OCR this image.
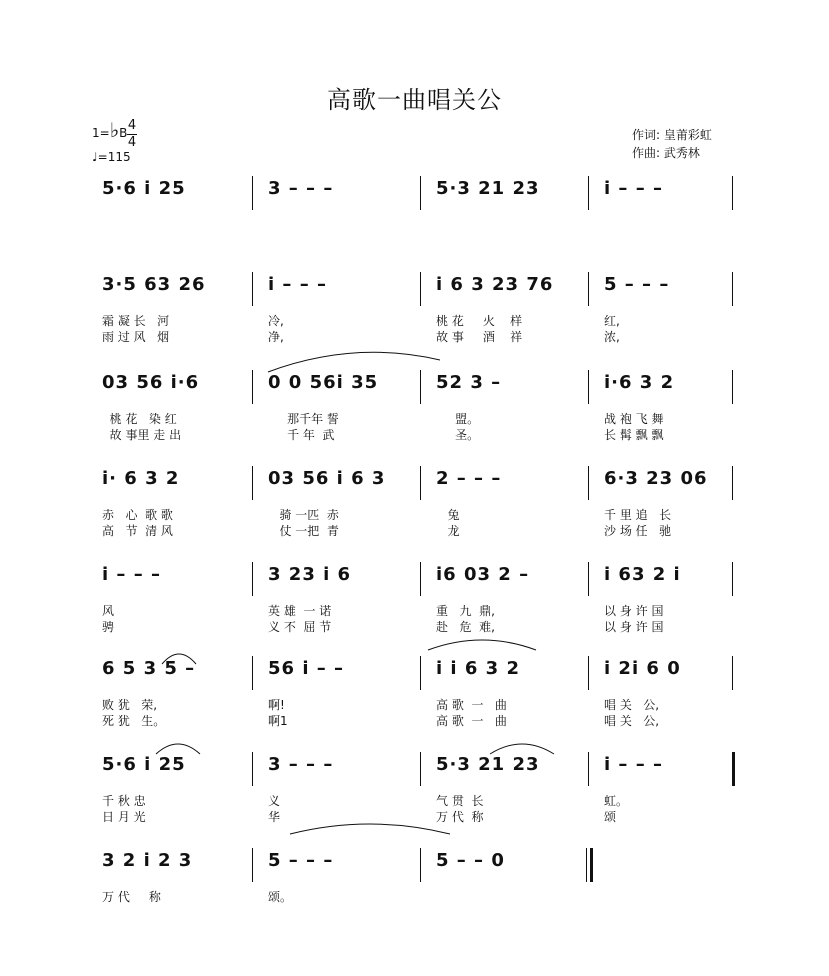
高歌一曲唱关公
作词: 皇莆彩虹
作曲: 武秀林
1=♭B $\frac{4}{4}$
♩=115
5·6 i 25	3 – – –	5·3 21 23	i – – –
3·5 63 26
霜 凝 长   河
雨 过 风   烟
i – – –
冷,
净,
i 6 3 23 76
桃 花     火    样
故 事     酒    祥
5 – – –
红,
浓,
03 56 i·6
桃 花   染 红
故 事里 走 出
0 0 56i 35
那千年 誓
千 年  武
52 3 –
盟。
圣。
i·6 3 2
战 袍 飞 舞
长 髯 飘 飘
i· 6 3 2
赤   心  歌 歌
高   节  清 风
03 56 i 6 3
骑 一匹  赤
仗 一把  青
2 – – –
兔
龙
6·3 23 06
千 里 追   长
沙 场 任   驰
i – – –
风
骋
3 23 i 6
英 雄  一 诺
义 不  屈 节
i6 03 2 –
重   九  鼎,
赴   危  难,
i 63 2 i
以 身 许 国
以 身 许 国
6 5 3 5 –
败 犹   荣,
死 犹   生。
56 i – –
啊!
啊1
i i 6 3 2
高 歌  一   曲
高 歌  一   曲
i 2i 6 0
唱 关   公,
唱 关   公,
5·6 i 25
千 秋 忠
日 月 光
3 – – –
义
华
5·3 21 23
气 贯  长
万 代  称
i – – –
虹。
颂
3 2 i 2 3
万 代     称
5 – – –
颂。
5 – – 0
